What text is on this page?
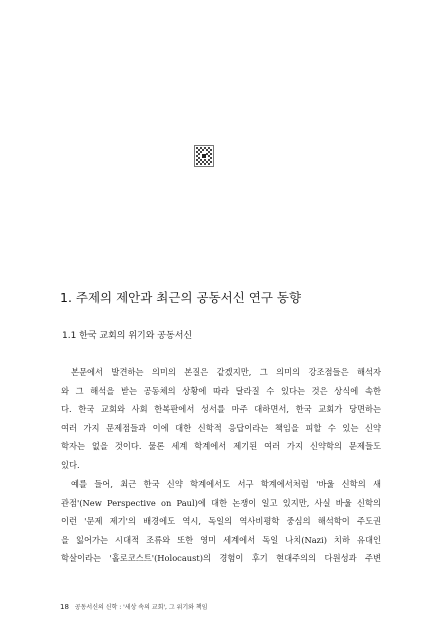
1. 주제의 제안과 최근의 공동서신 연구 동향
1.1 한국 교회의 위기와 공동서신

본문에서 발견하는 의미의 본질은 같겠지만, 그 의미의 강조점들은 해석자
와 그 해석을 받는 공동체의 상황에 따라 달라질 수 있다는 것은 상식에 속한
다. 한국 교회와 사회 한복판에서 성서를 마주 대하면서, 한국 교회가 당면하는
여러 가지 문제점들과 이에 대한 신학적 응답이라는 책임을 피할 수 있는 신약
학자는 없을 것이다. 물론 세계 학계에서 제기된 여러 가지 신약학의 문제들도
있다.

예를 들어, 최근 한국 신약 학계에서도 서구 학계에서처럼 '바울 신학의 새
관점'(New Perspective on Paul)에 대한 논쟁이 일고 있지만, 사실 바울 신학의
이런 '문제 제기'의 배경에도 역시, 독일의 역사비평학 중심의 해석학이 주도권
을 잃어가는 시대적 조류와 또한 영미 세계에서 독일 나치(Nazi) 치하 유대인
학살이라는 '홀로코스트'(Holocaust)의 경험이 후기 현대주의의 다원성과 주변

18 공동서신의 신학 : '세상 속의 교회', 그 위기와 책임
